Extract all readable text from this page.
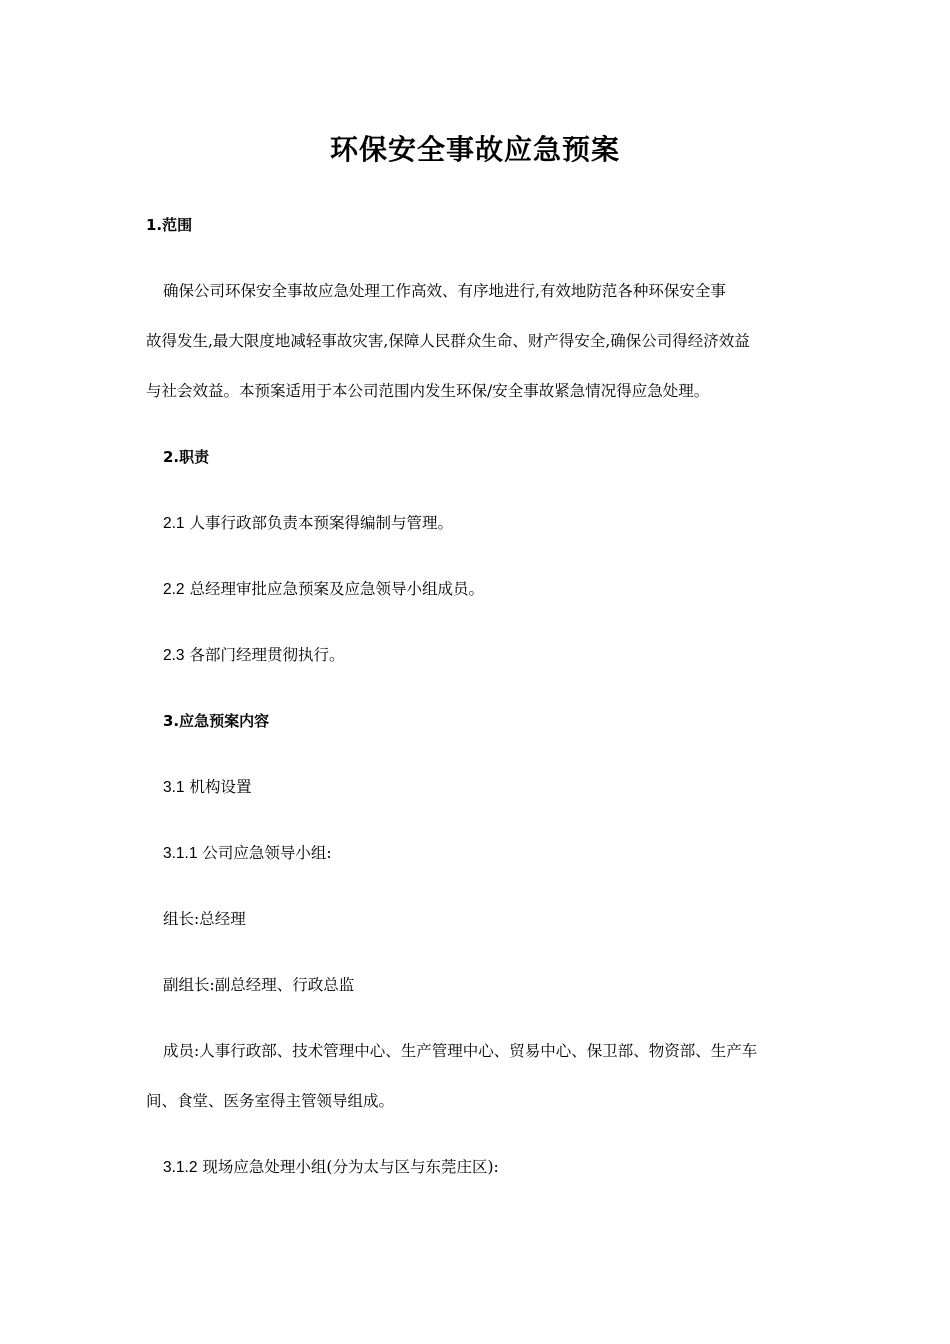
环保安全事故应急预案
1.范围
确保公司环保安全事故应急处理工作高效、有序地进行,有效地防范各种环保安全事
故得发生,最大限度地减轻事故灾害,保障人民群众生命、财产得安全,确保公司得经济效益
与社会效益。本预案适用于本公司范围内发生环保/安全事故紧急情况得应急处理。
2.职责
2.1 人事行政部负责本预案得编制与管理。
2.2 总经理审批应急预案及应急领导小组成员。
2.3 各部门经理贯彻执行。
3.应急预案内容
3.1 机构设置
3.1.1 公司应急领导小组:
组长:总经理
副组长:副总经理、行政总监
成员:人事行政部、技术管理中心、生产管理中心、贸易中心、保卫部、物资部、生产车
间、食堂、医务室得主管领导组成。
3.1.2 现场应急处理小组(分为太与区与东莞庄区):
